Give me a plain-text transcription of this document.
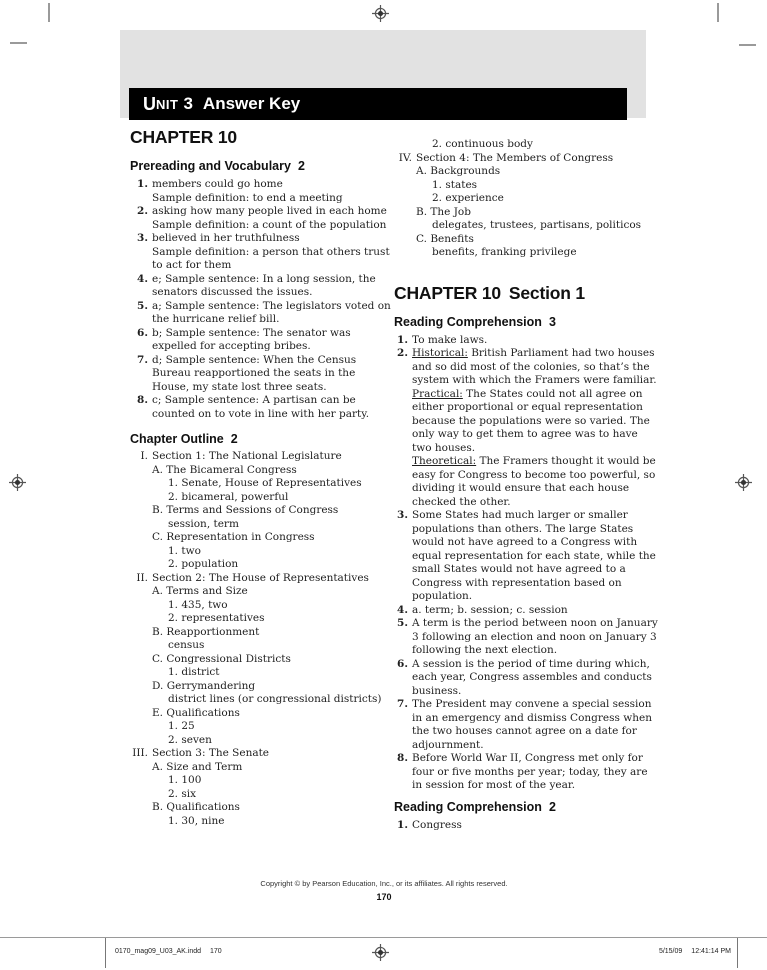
U NIT 3 Answer Key
CHAPTER 10
Prereading and Vocabulary 2
1. members could go home
Sample definition: to end a meeting
2. asking how many people lived in each home
Sample definition: a count of the population
3. believed in her truthfulness
Sample definition: a person that others trust to act for them
4. e; Sample sentence: In a long session, the senators discussed the issues.
5. a; Sample sentence: The legislators voted on the hurricane relief bill.
6. b; Sample sentence: The senator was expelled for accepting bribes.
7. d; Sample sentence: When the Census Bureau reapportioned the seats in the House, my state lost three seats.
8. c; Sample sentence: A partisan can be counted on to vote in line with her party.
Chapter Outline 2
I. Section 1: The National Legislature
A. The Bicameral Congress
1. Senate, House of Representatives
2. bicameral, powerful
B. Terms and Sessions of Congress
session, term
C. Representation in Congress
1. two
2. population
II. Section 2: The House of Representatives
A. Terms and Size
1. 435, two
2. representatives
B. Reapportionment
census
C. Congressional Districts
1. district
D. Gerrymandering
district lines (or congressional districts)
E. Qualifications
1. 25
2. seven
III. Section 3: The Senate
A. Size and Term
1. 100
2. six
B. Qualifications
1. 30, nine
2. continuous body
IV. Section 4: The Members of Congress
A. Backgrounds
1. states
2. experience
B. The Job
delegates, trustees, partisans, politicos
C. Benefits
benefits, franking privilege
CHAPTER 10 Section 1
Reading Comprehension 3
1. To make laws.
2. Historical: British Parliament had two houses and so did most of the colonies, so that’s the system with which the Framers were familiar.
Practical: The States could not all agree on either proportional or equal representation because the populations were so varied. The only way to get them to agree was to have two houses.
Theoretical: The Framers thought it would be easy for Congress to become too powerful, so dividing it would ensure that each house checked the other.
3. Some States had much larger or smaller populations than others. The large States would not have agreed to a Congress with equal representation for each state, while the small States would not have agreed to a Congress with representation based on population.
4. a. term; b. session; c. session
5. A term is the period between noon on January 3 following an election and noon on January 3 following the next election.
6. A session is the period of time during which, each year, Congress assembles and conducts business.
7. The President may convene a special session in an emergency and dismiss Congress when the two houses cannot agree on a date for adjournment.
8. Before World War II, Congress met only for four or five months per year; today, they are in session for most of the year.
Reading Comprehension 2
1. Congress
Copyright © by Pearson Education, Inc., or its affiliates. All rights reserved.
170
0170_mag09_U03_AK.indd 170	5/15/09 12:41:14 PM
